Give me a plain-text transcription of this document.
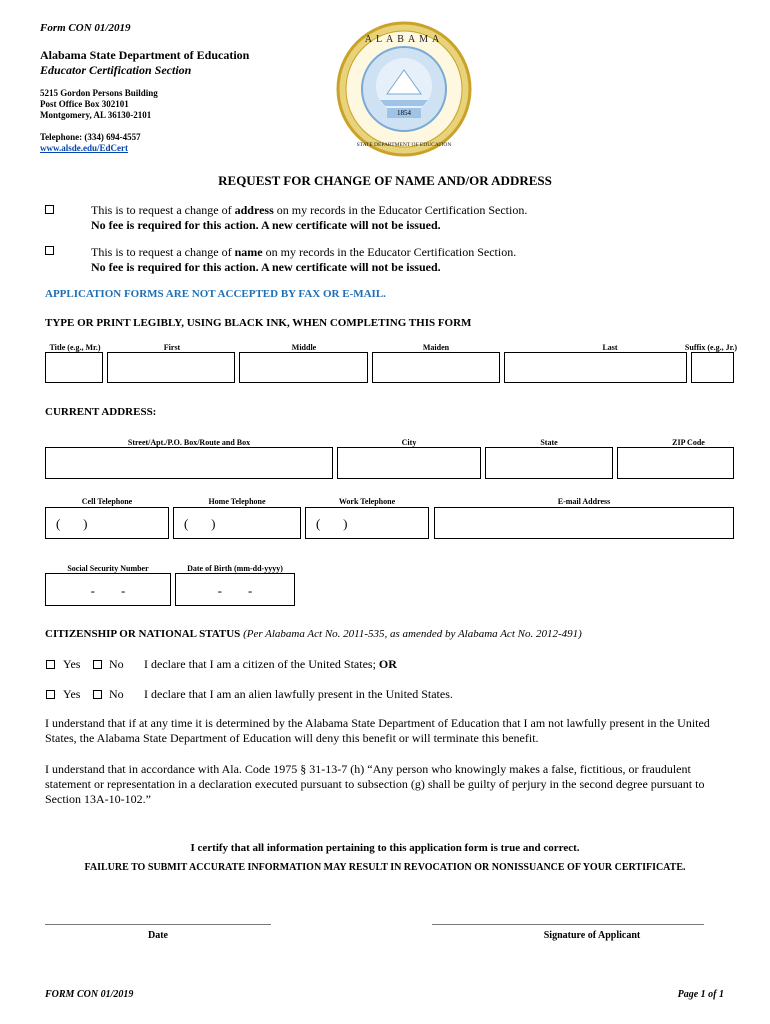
Form CON 01/2019
Alabama State Department of Education
Educator Certification Section
5215 Gordon Persons Building
Post Office Box 302101
Montgomery, AL 36130-2101
Telephone: (334) 694-4557
www.alsde.edu/EdCert
1854
ALABAMA
STATE DEPARTMENT OF EDUCATION
REQUEST FOR CHANGE OF NAME AND/OR ADDRESS
This is to request a change of address on my records in the Educator Certification Section.
No fee is required for this action. A new certificate will not be issued.
This is to request a change of name on my records in the Educator Certification Section.
No fee is required for this action. A new certificate will not be issued.
APPLICATION FORMS ARE NOT ACCEPTED BY FAX OR E-MAIL.
TYPE OR PRINT LEGIBLY, USING BLACK INK, WHEN COMPLETING THIS FORM
Title (e.g., Mr.)	First	Middle	Maiden	Last	Suffix (e.g., Jr.)
CURRENT ADDRESS:
Street/Apt./P.O. Box/Route and Box	City	State	ZIP Code
Cell Telephone	Home Telephone	Work Telephone	E-mail Address
(       )	(       )	(       )
Social Security Number	Date of Birth (mm-dd-yyyy)
-        -	-        -
CITIZENSHIP OR NATIONAL STATUS (Per Alabama Act No. 2011-535, as amended by Alabama Act No. 2012-491)
Yes No I declare that I am a citizen of the United States; OR
Yes No I declare that I am an alien lawfully present in the United States.
I understand that if at any time it is determined by the Alabama State Department of Education that I am not lawfully present in the United States, the Alabama State Department of Education will deny this benefit or will terminate this benefit.
I understand that in accordance with Ala. Code 1975 § 31-13-7 (h) “Any person who knowingly makes a false, fictitious, or fraudulent statement or representation in a declaration executed pursuant to subsection (g) shall be guilty of perjury in the second degree pursuant to Section 13A-10-102.”
I certify that all information pertaining to this application form is true and correct.
FAILURE TO SUBMIT ACCURATE INFORMATION MAY RESULT IN REVOCATION OR NONISSUANCE OF YOUR CERTIFICATE.
Date	Signature of Applicant
FORM CON 01/2019	Page 1 of 1
